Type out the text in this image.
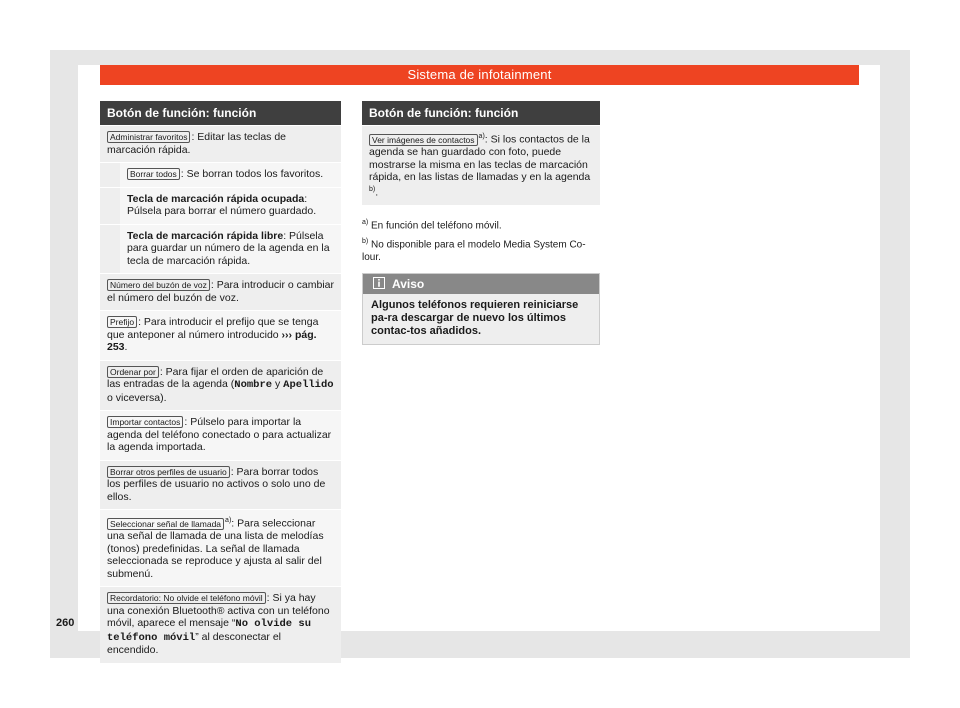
Sistema de infotainment
Botón de función: función
Administrar favoritos : Editar las teclas de marcación rápida.
Borrar todos : Se borran todos los favoritos.
Tecla de marcación rápida ocupada: Púlsela para borrar el número guardado.
Tecla de marcación rápida libre: Púlsela para guardar un número de la agenda en la tecla de marcación rápida.
Número del buzón de voz : Para introducir o cambiar el número del buzón de voz.
Prefijo : Para introducir el prefijo que se tenga que anteponer al número introducido ››› pág. 253.
Ordenar por : Para fijar el orden de aparición de las entradas de la agenda (Nombre y Apellido o viceversa).
Importar contactos : Púlselo para importar la agenda del teléfono conectado o para actualizar la agenda importada.
Borrar otros perfiles de usuario : Para borrar todos los perfiles de usuario no activos o solo uno de ellos.
Seleccionar señal de llamada $^{a)}$: Para seleccionar una señal de llamada de una lista de melodías (tonos) predefinidas. La señal de llamada seleccionada se reproduce y ajusta al salir del submenú.
Recordatorio: No olvide el teléfono móvil : Si ya hay una conexión Bluetooth® activa con un teléfono móvil, aparece el mensaje “No olvide su teléfono móvil” al desconectar el encendido.
Botón de función: función
Ver imágenes de contactos $^{a)}$: Si los contactos de la agenda se han guardado con foto, puede mostrarse la misma en las teclas de marcación rápida, en las listas de llamadas y en la agenda $^{b)}$.

$^{a)}$ En función del teléfono móvil.

$^{b)}$ No disponible para el modelo Media System Co-lour.

Aviso
Algunos teléfonos requieren reiniciarse pa-ra descargar de nuevo los últimos contac-tos añadidos.
260
